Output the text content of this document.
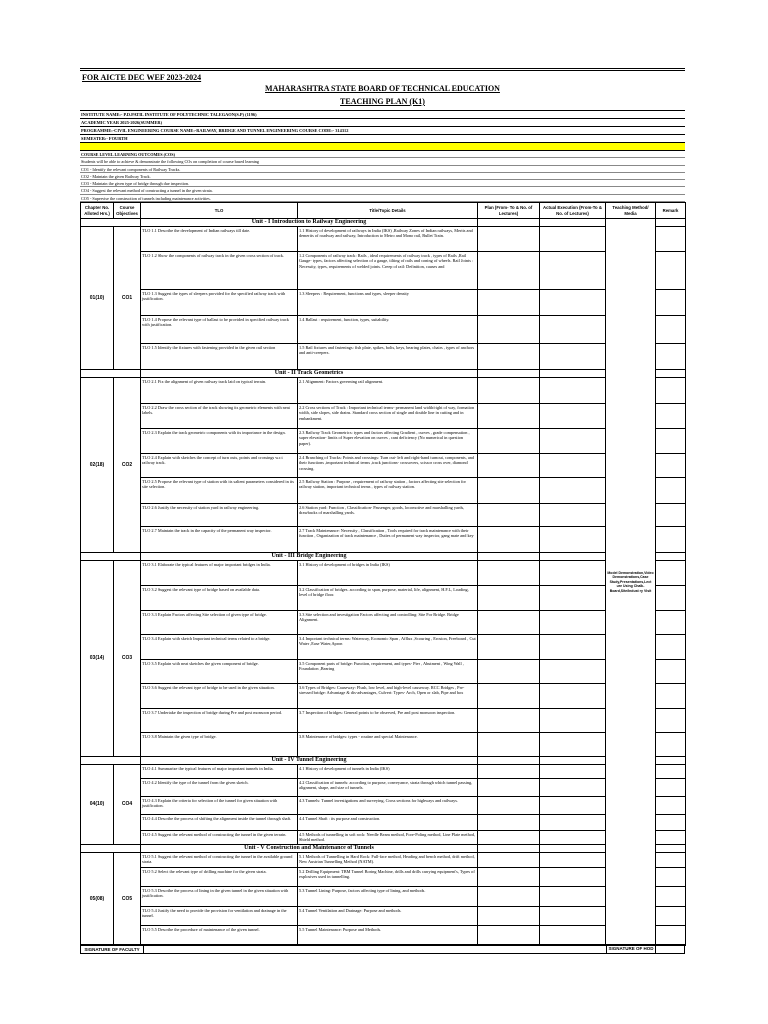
FOR AICTE DEC WEF 2023-2024
MAHARASHTRA STATE BOARD OF TECHNICAL EDUCATION
TEACHING PLAN (K1)
INSTITUTE NAME:- P.D.PATIL INSTITUTE OF POLYTECHNIC TALEGAON(S.P) (1196)
ACADEMIC YEAR 2025-2026(SUMMER)
PROGRAMME:-CIVIL ENGINEERING COURSE NAME:-RAILWAY, BRIDGE AND TUNNEL ENGINEERING COURSE CODE:- 314312
SEMESTER:- FOURTH
COURSE LEVEL LEARNING OUTCOMES (COS)
Students will be able to achieve & demonstrate the following COs on completion of course based learning
CO1 - Identify the relevant components of Railway Tracks.
CO2 - Maintain the given Railway Track.
CO3 - Maintain the given type of bridge through due inspection.
CO4 - Suggest the relevant method of constructing a tunnel in the given strata.
CO5 - Supervise the construction of tunnels including maintenance activities.
Chapter No. Alloted Hrs.)	Course Objectives	TLO	Title/Topic Details	Plan (From- To & No. of Lectures)	Actual Execution (From-To & No. of Lectures)	Teaching Method/ Media	Remark
		Unit - I Introduction to Railway Engineering				Model Demonstration,Video Demonstrations,Case Study,Presentations,Lect ure Using Chalk-Board,Site/Indust ry Visit	
01(10)	CO1	TLO 1.1 Describe the development of Indian railways till date.	1.1 History of development of railways in India (IKS) ,Railway Zones of Indian railways, Merits and demerits of roadway and railway, Introduction to Metro and Mono rail, Bullet Train.				
		TLO 1.2 Show the components of railway track in the given cross section of track.	1.2 Components of railway track: Rails , ideal requirements of railway track , types of Rails ,Rail Gauge- types, factors affecting selection of a gauge, tilting of rails and coning of wheels. Rail Joints : Necessity, types, requirements of welded joints. Creep of rail: Definition, causes and				
		TLO 1.3 Suggest the types of sleepers provided for the specified railway track with justification.	1.3 Sleepers : Requirement, functions and types, sleeper density				
		TLO 1.4 Propose the relevant type of ballast to be provided in specified railway track with justification.	1.4 Ballast : requirement, function, types, suitability.				
		TLO 1.5 Identify the fixtures with fastening provided in the given rail section	1.5 Rail fixtures and fastenings: fish plate, spikes, bolts, keys, bearing plates, chairs , types of anchors and anti-creepers.				
		Unit - II Track Geometrics					
02(18)	CO2	TLO 2.1 Fix the alignment of given railway track laid on typical terrain.	2.1 Alignment: Factors governing rail alignment.				
		TLO 2.2 Draw the cross section of the track showing its geometric elements with neat labels.	2.2 Cross sections of Track : Important technical terms- permanent land width/right of way, formation width, side slopes, side drains. Standard cross section of single and double line in cutting and in embankment.				
		TLO 2.3 Explain the track geometric components with its importance in the design.	2.3 Railway Track Geometrics: types and factors affecting Gradient , curves , grade compensation , super elevation- limits of Super elevation on curves , cant deficiency (No numerical in question paper).				
		TLO 2.4 Explain with sketches the concept of turn outs, points and crossings w.r.t railway track.	2.4 Branching of Tracks: Points and crossings: Turn out- left and right-hand turnout, components, and their functions ,important technical terms ,track junctions- crossovers, scissor cross over, diamond crossing.				
		TLO 2.5 Propose the relevant type of station with its salient parameters considered in its site selection.	2.5 Railway Station : Purpose , requirement of railway station , factors affecting site selection for railway station, important technical terms , types of railway station.				
		TLO 2.6 Justify the necessity of station yard in railway engineering.	2.6 Station yard: Function , Classification- Passenger, goods, locomotive and marshalling yards, drawbacks of marshalling yards.				
		TLO 2.7 Maintain the track in the capacity of the permanent way inspector.	2.7 Track Maintenance: Necessity , Classification , Tools required for track maintenance with their function , Organization of track maintenance , Duties of permanent way inspector, gang mate and key				
		Unit - III Bridge Engineering					
03(14)	CO3	TLO 3.1 Elaborate the typical features of major important bridges in India.	3.1 History of development of bridges in India (IKS)				
		TLO 3.2 Suggest the relevant type of bridge based on available data.	3.2 Classification of bridges. according to span, purpose, material, life, alignment, H.F.L, Loading, level of bridge floor.				
		TLO 3.3 Explain Factors affecting Site selection of given type of bridge.	3.3 Site selection and investigation Factors affecting and controlling: Site For Bridge. Bridge Alignment.				
		TLO 3.4 Explain with sketch Important technical terms related to a bridge.	3.4 Important technical terms: Waterway, Economic Span , Afflux ,Scouring , Erosion, Freeboard , Cut Water ,Ease Water,Apron				
		TLO 3.5 Explain with neat sketches the given component of bridge.	3.5 Component parts of bridge: Function, requirement, and types- Pier , Abutment , Wing Wall , Foundation ,Bearing				
		TLO 3.6 Suggest the relevant type of bridge to be used in the given situation.	3.6 Types of Bridges: Causeway: Flush, low level, and high-level causeway. RCC Bridges , Pre-stressed bridge: Advantage & dis-advantages, Culvert: Types- Arch, Open or slab, Pipe and box				
		TLO 3.7 Undertake the inspection of bridge during Pre and post monsoon period.	3.7 Inspection of bridges: General points to be observed, Pre and post monsoon inspection.				
		TLO 3.8 Maintain the given type of bridge.	3.8 Maintenance of bridges: types - routine and special Maintenance.				
		Unit - IV Tunnel Engineering					
04(10)	CO4	TLO 4.1 Summarize the typical features of major important tunnels in India.	4.1 History of development of tunnels in India (IKS)				
		TLO 4.2 Identify the type of the tunnel from the given sketch.	4.2 Classification of tunnels: according to purpose, conveyance, strata through which tunnel passing, alignment, shape, and size of tunnels.				
		TLO 4.3 Explain the criteria for selection of the tunnel for given situation with justification.	4.3 Tunnels: Tunnel investigations and surveying, Cross sections for highways and railways.				
		TLO 4.4 Describe the process of shifting the alignment inside the tunnel through shaft.	4.4 Tunnel Shaft : its purpose and construction.				
		TLO 4.5 Suggest the relevant method of constructing the tunnel in the given terrain.	4.5 Methods of tunnelling in soft rock: Needle Beam method, Fore-Poling method, Line Plate method, Shield method.				
		Unit - V Construction and Maintenance of Tunnels					
05(08)	CO5	TLO 5.1 Suggest the relevant method of constructing the tunnel in the available ground strata.	5.1 Methods of Tunnelling in Hard Rock: Full-face method, Heading and bench method, drift method, New Austrian Tunnelling Method (NATM).				
		TLO 5.2 Select the relevant type of drilling machine for the given strata.	5.2 Drilling Equipment: TBM Tunnel Boring Machine, drills and drills carrying equipment's, Types of explosives used in tunnelling.				
		TLO 5.3 Describe the process of lining in the given tunnel in the given situation with justification.	5.3 Tunnel Lining: Purpose, factors affecting type of lining, and methods.				
		TLO 5.4 Justify the need to provide the provision for ventilation and drainage in the tunnel.	5.4 Tunnel Ventilation and Drainage: Purpose and methods.				
		TLO 5.5 Describe the procedure of maintenance of the given tunnel.	5.5 Tunnel Maintenance: Purpose and Methods.				
SIGNATURE OF FACULTY	SIGNATURE OF HOD
